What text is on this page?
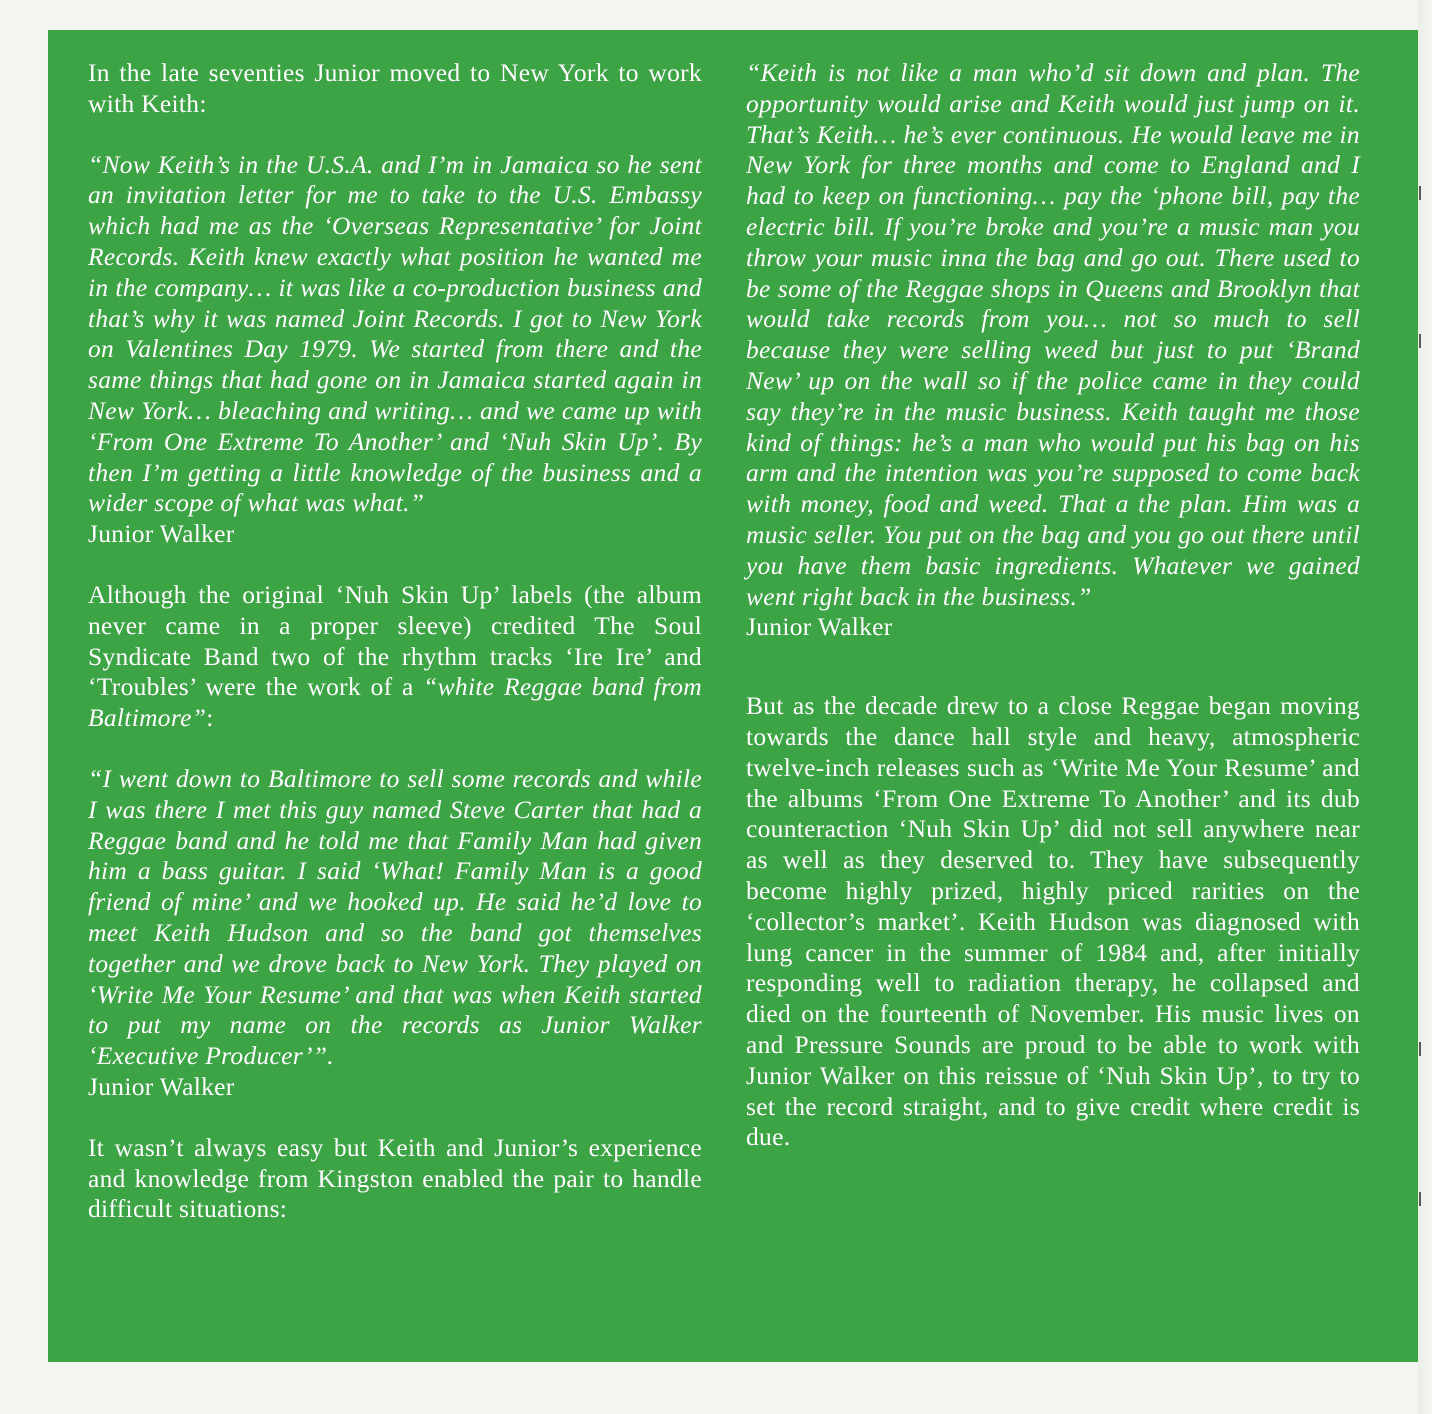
In the late seventies Junior moved to New York to work with Keith:

“Now Keith’s in the U.S.A. and I’m in Jamaica so he sent an invitation letter for me to take to the U.S. Embassy which had me as the ‘Overseas Representative’ for Joint Records. Keith knew exactly what position he wanted me in the company… it was like a co-production business and that’s why it was named Joint Records. I got to New York on Valentines Day 1979. We started from there and the same things that had gone on in Jamaica started again in New York… bleaching and writing… and we came up with ‘From One Extreme To Another’ and ‘Nuh Skin Up’. By then I’m getting a little knowledge of the business and a wider scope of what was what.”

Junior Walker

Although the original ‘Nuh Skin Up’ labels (the album never came in a proper sleeve) credited The Soul Syndicate Band two of the rhythm tracks ‘Ire Ire’ and ‘Troubles’ were the work of a “white Reggae band from Baltimore”:

“I went down to Baltimore to sell some records and while I was there I met this guy named Steve Carter that had a Reggae band and he told me that Family Man had given him a bass guitar. I said ‘What! Family Man is a good friend of mine’ and we hooked up. He said he’d love to meet Keith Hudson and so the band got themselves together and we drove back to New York. They played on ‘Write Me Your Resume’ and that was when Keith started to put my name on the records as Junior Walker ‘Executive Producer’”.

Junior Walker

It wasn’t always easy but Keith and Junior’s experience and knowledge from Kingston enabled the pair to handle difficult situations:

“Keith is not like a man who’d sit down and plan. The opportunity would arise and Keith would just jump on it. That’s Keith… he’s ever continuous. He would leave me in New York for three months and come to England and I had to keep on functioning… pay the ‘phone bill, pay the electric bill. If you’re broke and you’re a music man you throw your music inna the bag and go out. There used to be some of the Reggae shops in Queens and Brooklyn that would take records from you… not so much to sell because they were selling weed but just to put ‘Brand New’ up on the wall so if the police came in they could say they’re in the music business. Keith taught me those kind of things: he’s a man who would put his bag on his arm and the intention was you’re supposed to come back with money, food and weed. That a the plan. Him was a music seller. You put on the bag and you go out there until you have them basic ingredients. Whatever we gained went right back in the business.”

Junior Walker

But as the decade drew to a close Reggae began moving towards the dance hall style and heavy, atmospheric twelve-inch releases such as ‘Write Me Your Resume’ and the albums ‘From One Extreme To Another’ and its dub counteraction ‘Nuh Skin Up’ did not sell anywhere near as well as they deserved to. They have subsequently become highly prized, highly priced rarities on the ‘collector’s market’. Keith Hudson was diagnosed with lung cancer in the summer of 1984 and, after initially responding well to radiation therapy, he collapsed and died on the fourteenth of November. His music lives on and Pressure Sounds are proud to be able to work with Junior Walker on this reissue of ‘Nuh Skin Up’, to try to set the record straight, and to give credit where credit is due.
